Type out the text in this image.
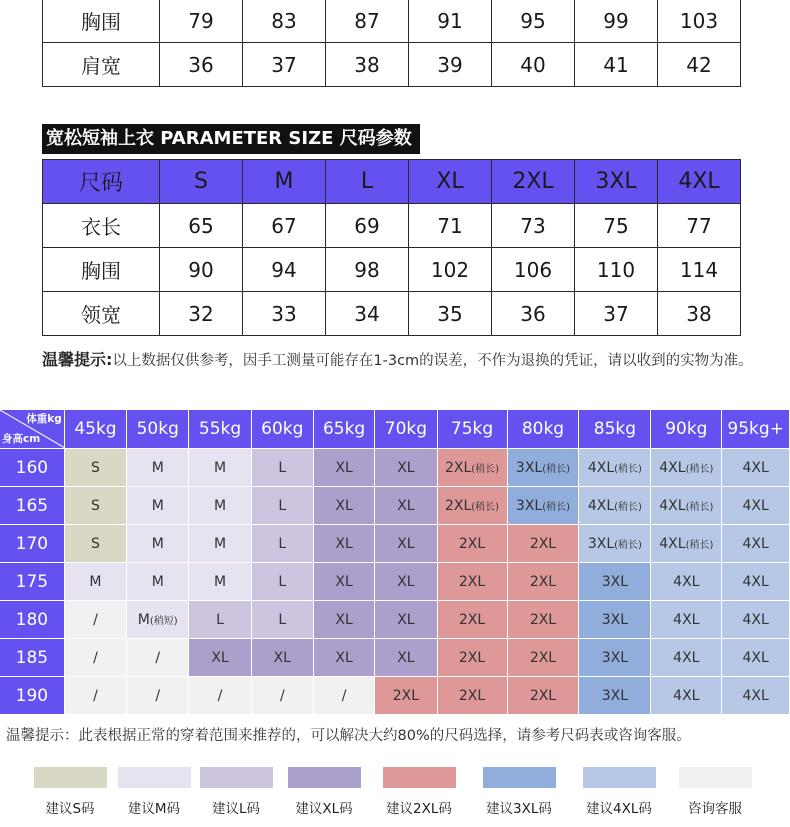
胸围	79	83	87	91	95	99	103
肩宽	36	37	38	39	40	41	42
宽松短袖上衣 PARAMETER SIZE 尺码参数
尺码	S	M	L	XL	2XL	3XL	4XL
衣长	65	67	69	71	73	75	77
胸围	90	94	98	102	106	110	114
领宽	32	33	34	35	36	37	38
温馨提示:以上数据仅供参考，因手工测量可能存在1-3cm的误差，不作为退换的凭证，请以收到的实物为准。
体重kg
身高cm	45kg	50kg	55kg	60kg	65kg	70kg	75kg	80kg	85kg	90kg	95kg+
160	S	M	M	L	XL	XL	2XL(稍长)	3XL(稍长)	4XL(稍长)	4XL(稍长)	4XL
165	S	M	M	L	XL	XL	2XL(稍长)	3XL(稍长)	4XL(稍长)	4XL(稍长)	4XL
170	S	M	M	L	XL	XL	2XL	2XL	3XL(稍长)	4XL(稍长)	4XL
175	M	M	M	L	XL	XL	2XL	2XL	3XL	4XL	4XL
180	/	M(稍短)	L	L	XL	XL	2XL	2XL	3XL	4XL	4XL
185	/	/	XL	XL	XL	XL	2XL	2XL	3XL	4XL	4XL
190	/	/	/	/	/	2XL	2XL	2XL	3XL	4XL	4XL
温馨提示：此表根据正常的穿着范围来推荐的，可以解决大约80%的尺码选择，请参考尺码表或咨询客服。
建议S码	建议M码	建议L码	建议XL码	建议2XL码	建议3XL码	建议4XL码	咨询客服
